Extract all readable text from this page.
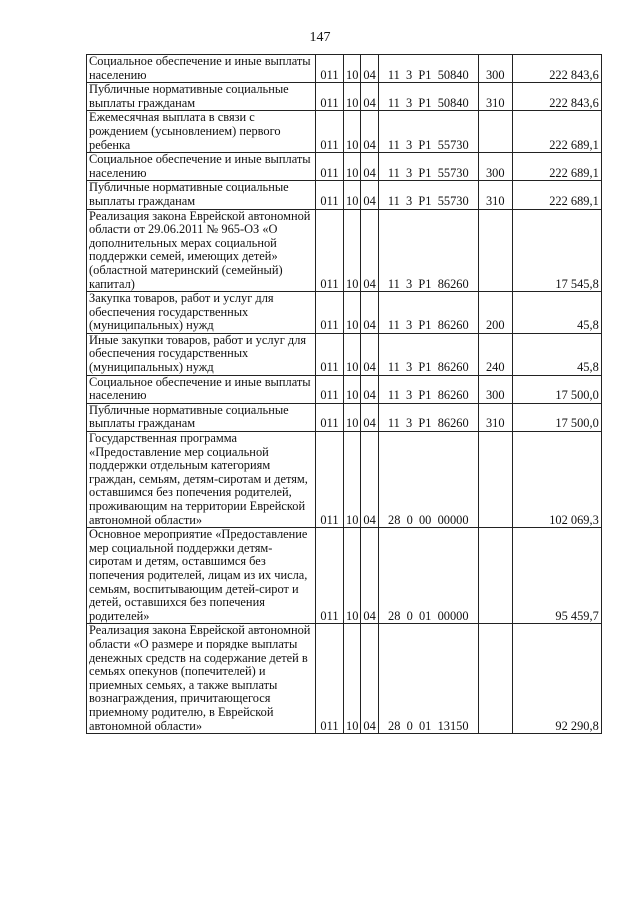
147
Социальное обеспечение и иные выплаты населению	011	10	04	11  3  Р1  50840	300	222 843,6
Публичные нормативные социальные выплаты гражданам	011	10	04	11  3  Р1  50840	310	222 843,6
Ежемесячная выплата в связи с рождением (усыновлением) первого ребенка	011	10	04	11  3  Р1  55730		222 689,1
Социальное обеспечение и иные выплаты населению	011	10	04	11  3  Р1  55730	300	222 689,1
Публичные нормативные социальные выплаты гражданам	011	10	04	11  3  Р1  55730	310	222 689,1
Реализация закона Еврейской автономной области от 29.06.2011 № 965-ОЗ «О дополнительных мерах социальной поддержки семей, имеющих детей» (областной материнский (семейный) капитал)	011	10	04	11  3  Р1  86260		17 545,8
Закупка товаров, работ и услуг для обеспечения государственных (муниципальных) нужд	011	10	04	11  3  Р1  86260	200	45,8
Иные закупки товаров, работ и услуг для обеспечения государственных (муниципальных) нужд	011	10	04	11  3  Р1  86260	240	45,8
Социальное обеспечение и иные выплаты населению	011	10	04	11  3  Р1  86260	300	17 500,0
Публичные нормативные социальные выплаты гражданам	011	10	04	11  3  Р1  86260	310	17 500,0
Государственная программа «Предоставление мер социальной поддержки отдельным категориям граждан, семьям, детям-сиротам и детям, оставшимся без попечения родителей, проживающим на территории Еврейской автономной области»	011	10	04	28  0  00  00000		102 069,3
Основное мероприятие «Предоставление мер социальной поддержки детям-сиротам и детям, оставшимся без попечения родителей, лицам из их числа, семьям, воспитывающим детей-сирот и детей, оставшихся без попечения родителей»	011	10	04	28  0  01  00000		95 459,7
Реализация закона Еврейской автономной области «О размере и порядке выплаты денежных средств на содержание детей в семьях опекунов (попечителей) и приемных семьях, а также выплаты вознаграждения, причитающегося приемному родителю, в Еврейской автономной области»	011	10	04	28  0  01  13150		92 290,8
